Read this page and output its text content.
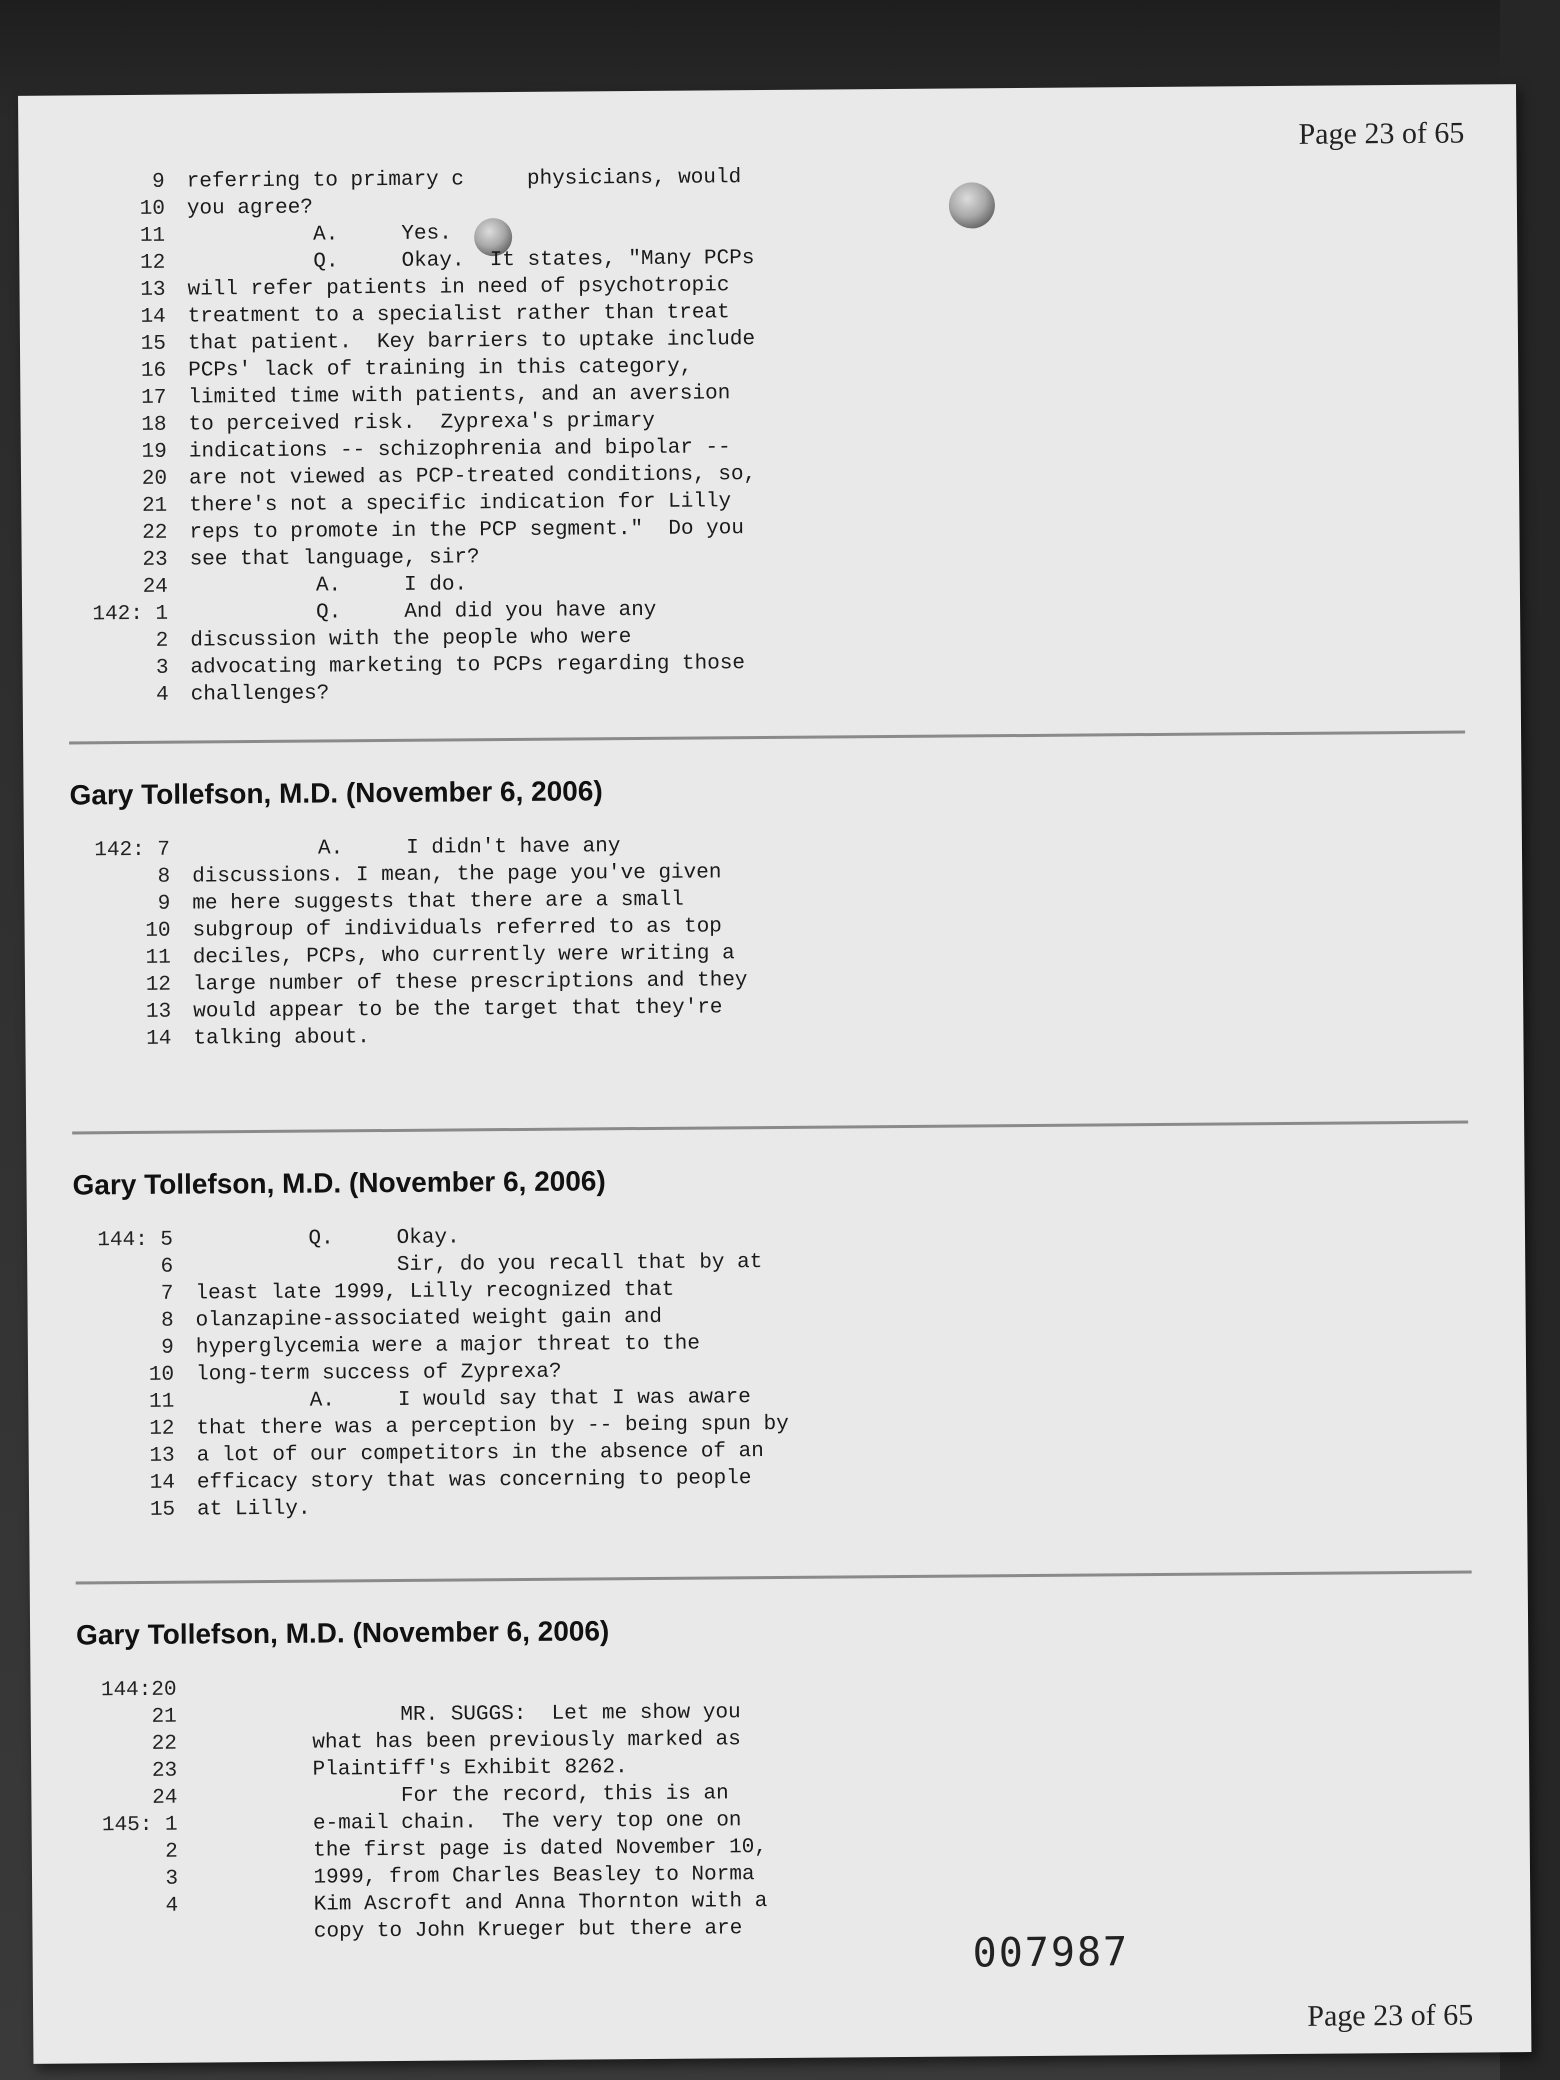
Page 23 of 65
9	referring to primary c     physicians, would
10	you agree?
11	A.     Yes.
12	Q.     Okay.  It states, "Many PCPs
13	will refer patients in need of psychotropic
14	treatment to a specialist rather than treat
15	that patient.  Key barriers to uptake include
16	PCPs' lack of training in this category,
17	limited time with patients, and an aversion
18	to perceived risk.  Zyprexa's primary
19	indications -- schizophrenia and bipolar --
20	are not viewed as PCP-treated conditions, so,
21	there's not a specific indication for Lilly
22	reps to promote in the PCP segment."  Do you
23	see that language, sir?
24	A.     I do.
142: 1	Q.     And did you have any
2	discussion with the people who were
3	advocating marketing to PCPs regarding those
4	challenges?
Gary Tollefson, M.D. (November 6, 2006)
142: 7	A.     I didn't have any
8	discussions. I mean, the page you've given
9	me here suggests that there are a small
10	subgroup of individuals referred to as top
11	deciles, PCPs, who currently were writing a
12	large number of these prescriptions and they
13	would appear to be the target that they're
14	talking about.
Gary Tollefson, M.D. (November 6, 2006)
144: 5	Q.     Okay.
6	Sir, do you recall that by at
7	least late 1999, Lilly recognized that
8	olanzapine-associated weight gain and
9	hyperglycemia were a major threat to the
10	long-term success of Zyprexa?
11	A.     I would say that I was aware
12	that there was a perception by -- being spun by
13	a lot of our competitors in the absence of an
14	efficacy story that was concerning to people
15	at Lilly.
Gary Tollefson, M.D. (November 6, 2006)
144:20
21	MR. SUGGS:  Let me show you
22	what has been previously marked as
23	Plaintiff's Exhibit 8262.
24	For the record, this is an
145: 1	e-mail chain.  The very top one on
2	the first page is dated November 10,
3	1999, from Charles Beasley to Norma
4	Kim Ascroft and Anna Thornton with a
copy to John Krueger but there are	007987
Page 23 of 65
